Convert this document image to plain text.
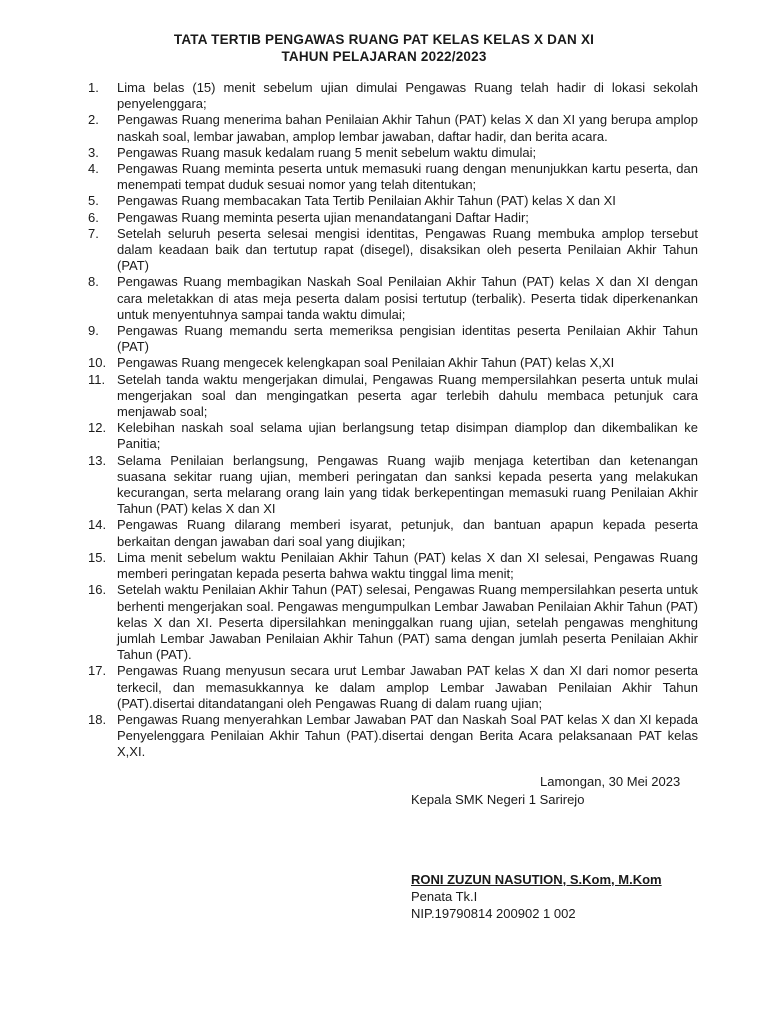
TATA TERTIB PENGAWAS RUANG PAT KELAS KELAS X DAN XI
TAHUN PELAJARAN 2022/2023
1.	Lima belas (15) menit sebelum ujian dimulai Pengawas Ruang telah hadir di lokasi sekolah penyelenggara;
2.	Pengawas Ruang menerima bahan Penilaian Akhir Tahun (PAT) kelas X dan XI yang berupa amplop naskah soal, lembar jawaban, amplop lembar jawaban, daftar hadir, dan berita acara.
3.	Pengawas Ruang masuk kedalam ruang 5 menit sebelum waktu dimulai;
4.	Pengawas Ruang meminta peserta untuk memasuki ruang dengan menunjukkan kartu peserta, dan menempati tempat duduk sesuai nomor yang telah ditentukan;
5.	Pengawas Ruang membacakan Tata Tertib Penilaian Akhir Tahun (PAT) kelas X dan XI
6.	Pengawas Ruang meminta peserta ujian menandatangani Daftar Hadir;
7.	Setelah seluruh peserta selesai mengisi identitas, Pengawas Ruang membuka amplop tersebut dalam keadaan baik dan tertutup rapat (disegel), disaksikan oleh peserta Penilaian Akhir Tahun (PAT)
8.	Pengawas Ruang membagikan Naskah Soal Penilaian Akhir Tahun (PAT) kelas X dan XI dengan cara meletakkan di atas meja peserta dalam posisi tertutup (terbalik). Peserta tidak diperkenankan untuk menyentuhnya sampai tanda waktu dimulai;
9.	Pengawas Ruang memandu serta memeriksa pengisian identitas peserta Penilaian Akhir Tahun (PAT)
10. Pengawas Ruang mengecek kelengkapan soal Penilaian Akhir Tahun (PAT) kelas X,XI
11. Setelah tanda waktu mengerjakan dimulai, Pengawas Ruang mempersilahkan peserta untuk mulai mengerjakan soal dan mengingatkan peserta agar terlebih dahulu membaca petunjuk cara menjawab soal;
12. Kelebihan naskah soal selama ujian berlangsung tetap disimpan diamplop dan dikembalikan ke Panitia;
13. Selama Penilaian berlangsung, Pengawas Ruang wajib menjaga ketertiban dan ketenangan suasana sekitar ruang ujian, memberi peringatan dan sanksi kepada peserta yang melakukan kecurangan, serta melarang orang lain yang tidak berkepentingan memasuki ruang Penilaian Akhir Tahun (PAT) kelas X dan XI
14. Pengawas Ruang dilarang memberi isyarat, petunjuk, dan bantuan apapun kepada peserta berkaitan dengan jawaban dari soal yang diujikan;
15. Lima menit sebelum waktu Penilaian Akhir Tahun (PAT) kelas X dan XI selesai, Pengawas Ruang memberi peringatan kepada peserta bahwa waktu tinggal lima menit;
16. Setelah waktu Penilaian Akhir Tahun (PAT) selesai, Pengawas Ruang mempersilahkan peserta untuk berhenti mengerjakan soal. Pengawas mengumpulkan Lembar Jawaban Penilaian Akhir Tahun (PAT) kelas X dan XI. Peserta dipersilahkan meninggalkan ruang ujian, setelah pengawas menghitung jumlah Lembar Jawaban Penilaian Akhir Tahun (PAT) sama dengan jumlah peserta Penilaian Akhir Tahun (PAT).
17. Pengawas Ruang menyusun secara urut Lembar Jawaban PAT kelas X dan XI dari nomor peserta terkecil, dan memasukkannya ke dalam amplop Lembar Jawaban Penilaian Akhir Tahun (PAT).disertai ditandatangani oleh Pengawas Ruang di dalam ruang ujian;
18. Pengawas Ruang menyerahkan Lembar Jawaban PAT dan Naskah Soal PAT kelas X dan XI kepada Penyelenggara Penilaian Akhir Tahun (PAT).disertai dengan Berita Acara pelaksanaan PAT kelas X,XI.
Lamongan, 30 Mei 2023
Kepala SMK Negeri 1 Sarirejo
RONI ZUZUN NASUTION, S.Kom, M.Kom
Penata Tk.I
NIP.19790814 200902 1 002
